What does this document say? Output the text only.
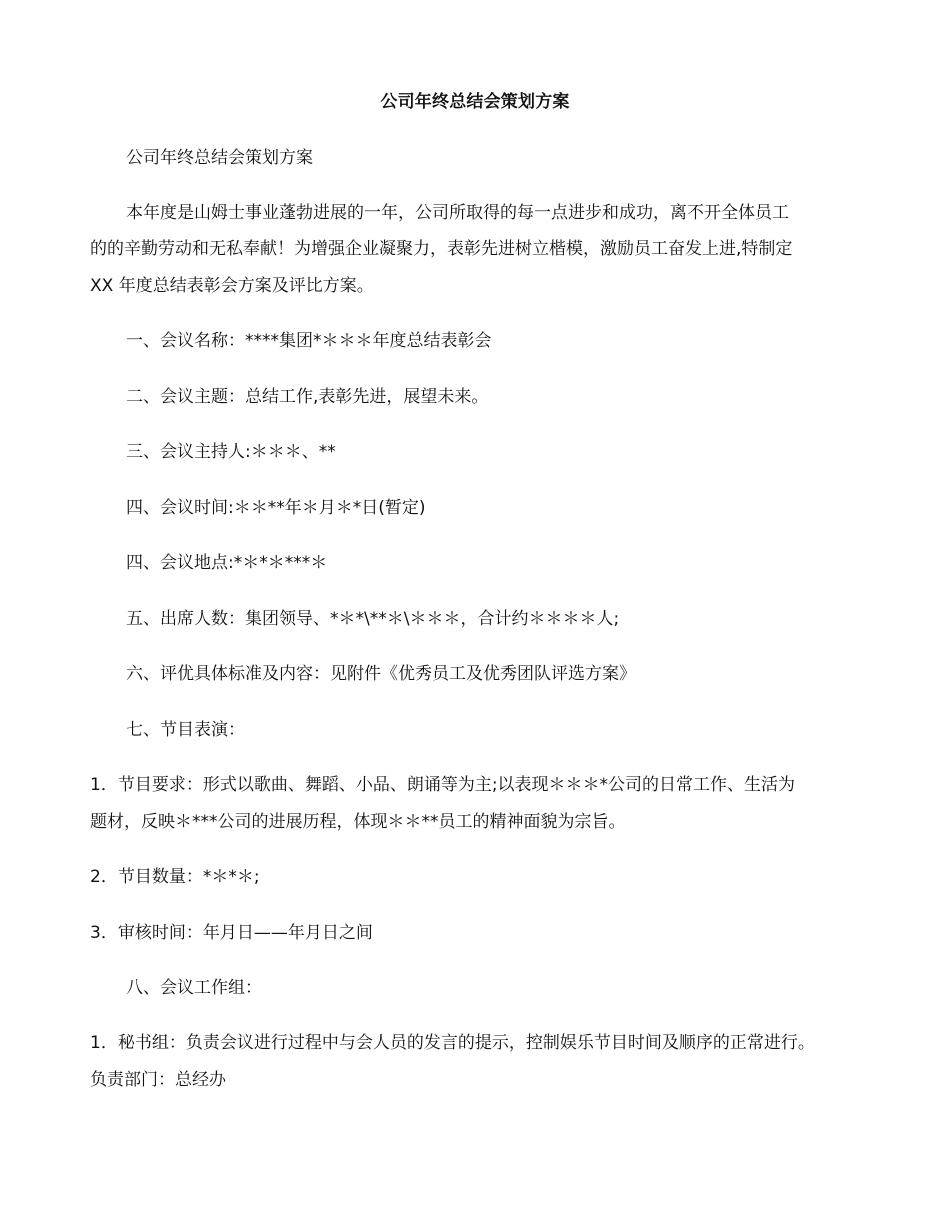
公司年终总结会策划方案
公司年终总结会策划方案
本年度是山姆士事业蓬勃进展的一年，公司所取得的每一点进步和成功，离不开全体员工
的的辛勤劳动和无私奉献！为增强企业凝聚力，表彰先进树立楷模，激励员工奋发上进,特制定
XX 年度总结表彰会方案及评比方案。
一、会议名称：****集团*＊＊＊年度总结表彰会
二、会议主题：总结工作,表彰先进，展望未来。
三、会议主持人:＊＊＊、**
四、会议时间:＊＊**年＊月＊*日(暂定)
四、会议地点:*＊*＊***＊
五、出席人数：集团领导、*＊*\**＊\＊＊＊，合计约＊＊＊＊人;
六、评优具体标准及内容：见附件《优秀员工及优秀团队评选方案》
七、节目表演：
1．节目要求：形式以歌曲、舞蹈、小品、朗诵等为主;以表现＊＊＊*公司的日常工作、生活为
题材，反映＊***公司的进展历程，体现＊＊**员工的精神面貌为宗旨。
2．节目数量：*＊*＊;
3．审核时间：年月日——年月日之间
八、会议工作组：
1．秘书组：负责会议进行过程中与会人员的发言的提示，控制娱乐节目时间及顺序的正常进行。
负责部门：总经办
